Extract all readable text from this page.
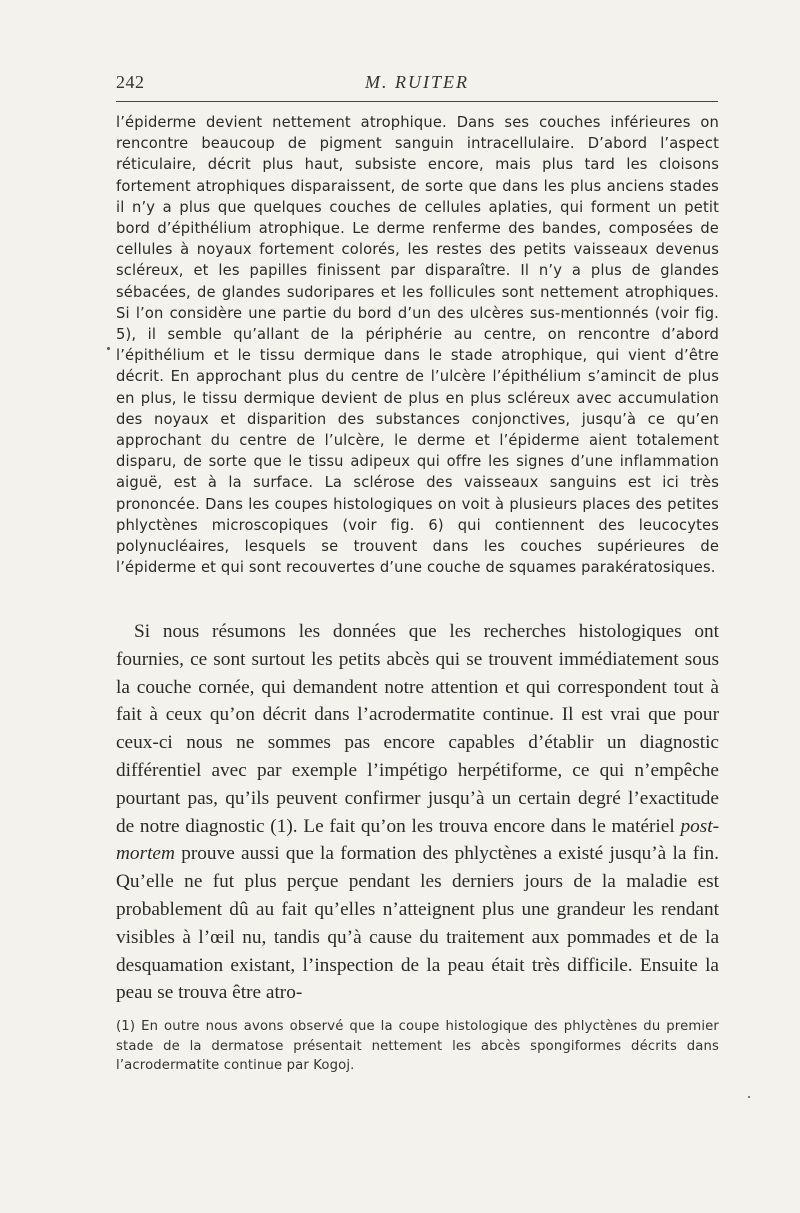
242	M. RUITER

l’épiderme devient nettement atrophique. Dans ses couches inférieures on rencontre beaucoup de pigment sanguin intracellulaire. D’abord l’aspect réticulaire, décrit plus haut, subsiste encore, mais plus tard les cloisons fortement atrophiques disparaissent, de sorte que dans les plus anciens stades il n’y a plus que quelques couches de cellules aplaties, qui forment un petit bord d’épithélium atrophique. Le derme renferme des bandes, composées de cellules à noyaux fortement colorés, les restes des petits vaisseaux devenus scléreux, et les papilles finissent par disparaître. Il n’y a plus de glandes sébacées, de glandes sudoripares et les follicules sont nettement atrophiques. Si l’on considère une partie du bord d’un des ulcères sus-mentionnés (voir fig. 5), il semble qu’allant de la périphérie au centre, on rencontre d’abord l’épithélium et le tissu dermique dans le stade atrophique, qui vient d’être décrit. En approchant plus du centre de l’ulcère l’épithélium s’amincit de plus en plus, le tissu dermique devient de plus en plus scléreux avec accumulation des noyaux et disparition des substances conjonctives, jusqu’à ce qu’en approchant du centre de l’ulcère, le derme et l’épiderme aient totalement disparu, de sorte que le tissu adipeux qui offre les signes d’une inflammation aiguë, est à la surface. La sclérose des vaisseaux sanguins est ici très prononcée. Dans les coupes histologiques on voit à plusieurs places des petites phlyctènes microscopiques (voir fig. 6) qui contiennent des leucocytes polynucléaires, lesquels se trouvent dans les couches supérieures de l’épiderme et qui sont recouvertes d’une couche de squames parakératosiques.

Si nous résumons les données que les recherches histologiques ont fournies, ce sont surtout les petits abcès qui se trouvent immédiatement sous la couche cornée, qui demandent notre attention et qui correspondent tout à fait à ceux qu’on décrit dans l’acrodermatite continue. Il est vrai que pour ceux-ci nous ne sommes pas encore capables d’établir un diagnostic différentiel avec par exemple l’impétigo herpétiforme, ce qui n’empêche pourtant pas, qu’ils peuvent confirmer jusqu’à un certain degré l’exactitude de notre diagnostic (1). Le fait qu’on les trouva encore dans le matériel post-mortem prouve aussi que la formation des phlyctènes a existé jusqu’à la fin. Qu’elle ne fut plus perçue pendant les derniers jours de la maladie est probablement dû au fait qu’elles n’atteignent plus une grandeur les rendant visibles à l’œil nu, tandis qu’à cause du traitement aux pommades et de la desquamation existant, l’inspection de la peau était très difficile. Ensuite la peau se trouva être atro-

(1) En outre nous avons observé que la coupe histologique des phlyctènes du premier stade de la dermatose présentait nettement les abcès spongiformes décrits dans l’acrodermatite continue par Kogoj.
